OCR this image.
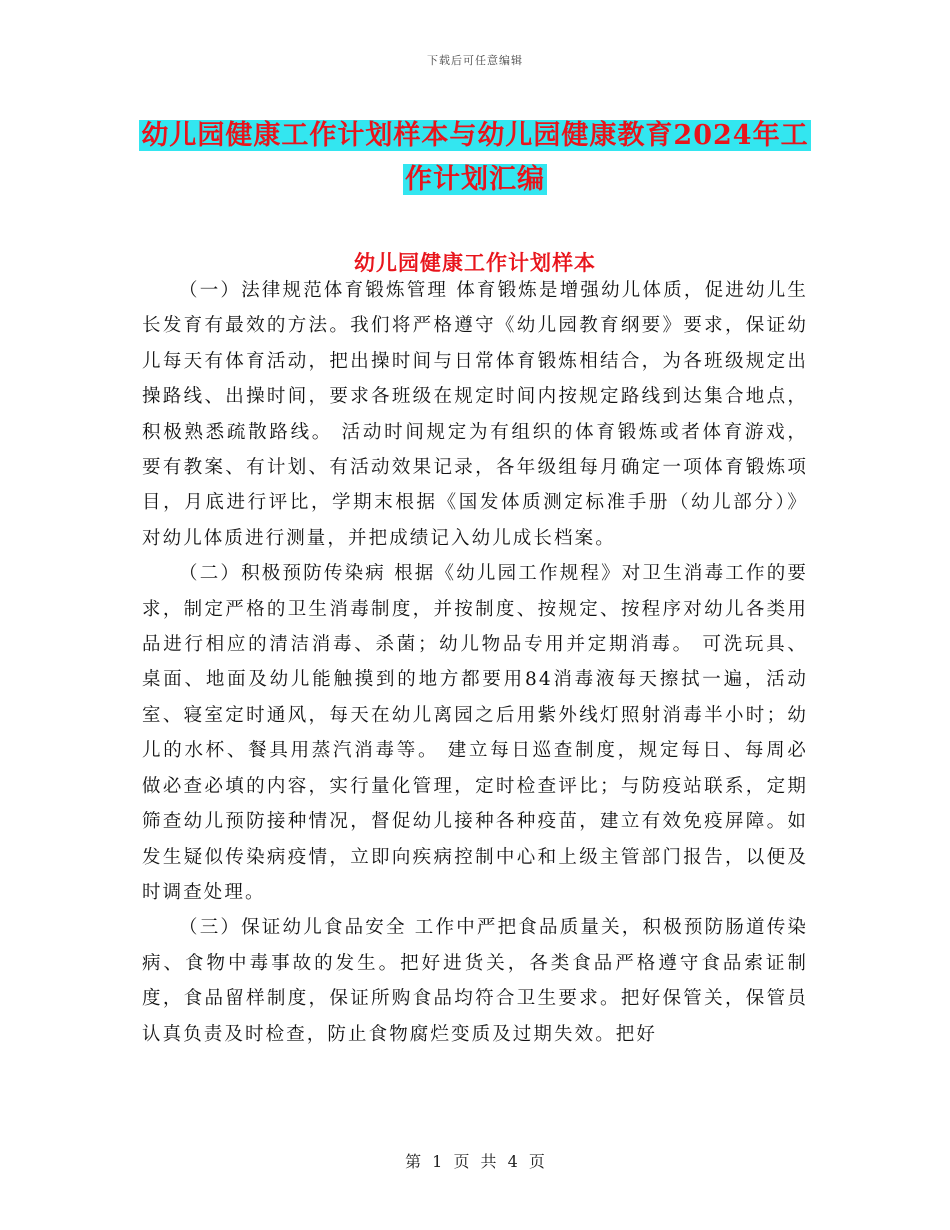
下载后可任意编辑
幼儿园健康工作计划样本与幼儿园健康教育2024年工
作计划汇编
幼儿园健康工作计划样本

（一）法律规范体育锻炼管理 体育锻炼是增强幼儿体质，促进幼儿生长发育有最效的方法。我们将严格遵守《幼儿园教育纲要》要求，保证幼儿每天有体育活动，把出操时间与日常体育锻炼相结合，为各班级规定出操路线、出操时间，要求各班级在规定时间内按规定路线到达集合地点，积极熟悉疏散路线。 活动时间规定为有组织的体育锻炼或者体育游戏，要有教案、有计划、有活动效果记录，各年级组每月确定一项体育锻炼项目，月底进行评比，学期末根据《国发体质测定标准手册（幼儿部分）》对幼儿体质进行测量，并把成绩记入幼儿成长档案。

（二）积极预防传染病 根据《幼儿园工作规程》对卫生消毒工作的要求，制定严格的卫生消毒制度，并按制度、按规定、按程序对幼儿各类用品进行相应的清洁消毒、杀菌；幼儿物品专用并定期消毒。 可洗玩具、桌面、地面及幼儿能触摸到的地方都要用84消毒液每天擦拭一遍，活动室、寝室定时通风，每天在幼儿离园之后用紫外线灯照射消毒半小时；幼儿的水杯、餐具用蒸汽消毒等。 建立每日巡查制度，规定每日、每周必做必查必填的内容，实行量化管理，定时检查评比；与防疫站联系，定期筛查幼儿预防接种情况，督促幼儿接种各种疫苗，建立有效免疫屏障。如发生疑似传染病疫情，立即向疾病控制中心和上级主管部门报告，以便及时调查处理。

（三）保证幼儿食品安全 工作中严把食品质量关，积极预防肠道传染病、食物中毒事故的发生。把好进货关，各类食品严格遵守食品索证制度，食品留样制度，保证所购食品均符合卫生要求。把好保管关，保管员认真负责及时检查，防止食物腐烂变质及过期失效。把好

第 1 页 共 4 页
